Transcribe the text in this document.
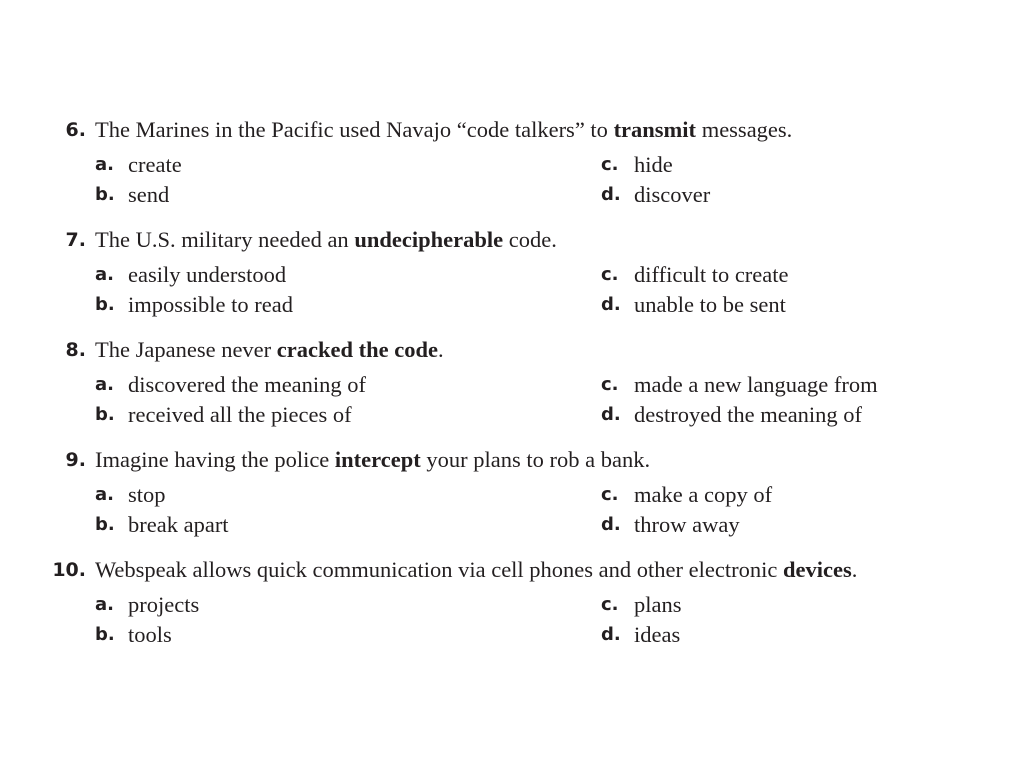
6. The Marines in the Pacific used Navajo “code talkers” to transmit messages.
a. create
b. send
c. hide
d. discover
7. The U.S. military needed an undecipherable code.
a. easily understood
b. impossible to read
c. difficult to create
d. unable to be sent
8. The Japanese never cracked the code.
a. discovered the meaning of
b. received all the pieces of
c. made a new language from
d. destroyed the meaning of
9. Imagine having the police intercept your plans to rob a bank.
a. stop
b. break apart
c. make a copy of
d. throw away
10. Webspeak allows quick communication via cell phones and other electronic devices.
a. projects
b. tools
c. plans
d. ideas
